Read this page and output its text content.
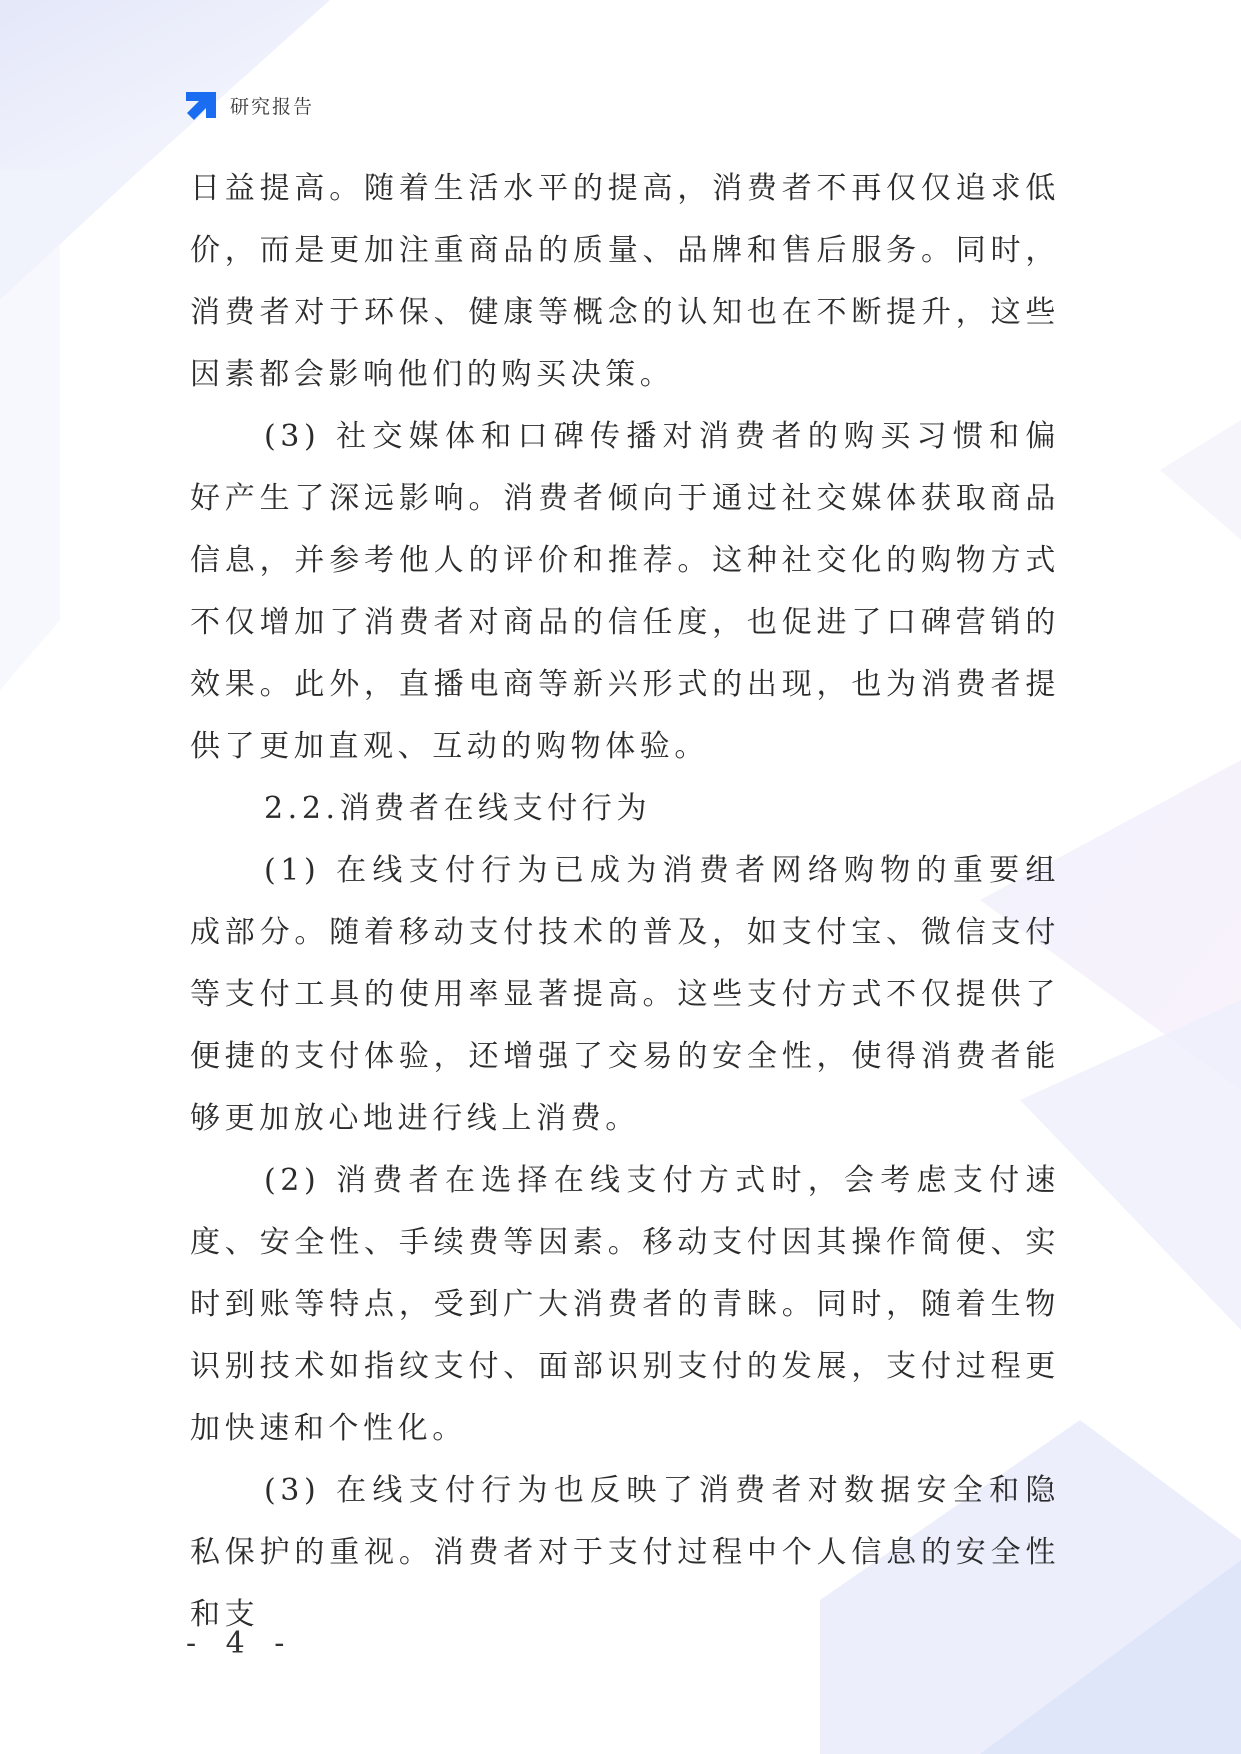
研究报告

日益提高。随着生活水平的提高，消费者不再仅仅追求低价，而是更加注重商品的质量、品牌和售后服务。同时，消费者对于环保、健康等概念的认知也在不断提升，这些因素都会影响他们的购买决策。

(3) 社交媒体和口碑传播对消费者的购买习惯和偏好产生了深远影响。消费者倾向于通过社交媒体获取商品信息，并参考他人的评价和推荐。这种社交化的购物方式不仅增加了消费者对商品的信任度，也促进了口碑营销的效果。此外，直播电商等新兴形式的出现，也为消费者提供了更加直观、互动的购物体验。

2.2.消费者在线支付行为

(1) 在线支付行为已成为消费者网络购物的重要组成部分。随着移动支付技术的普及，如支付宝、微信支付等支付工具的使用率显著提高。这些支付方式不仅提供了便捷的支付体验，还增强了交易的安全性，使得消费者能够更加放心地进行线上消费。

(2) 消费者在选择在线支付方式时，会考虑支付速度、安全性、手续费等因素。移动支付因其操作简便、实时到账等特点，受到广大消费者的青睐。同时，随着生物识别技术如指纹支付、面部识别支付的发展，支付过程更加快速和个性化。

(3) 在线支付行为也反映了消费者对数据安全和隐私保护的重视。消费者对于支付过程中个人信息的安全性和支

- 4 -
